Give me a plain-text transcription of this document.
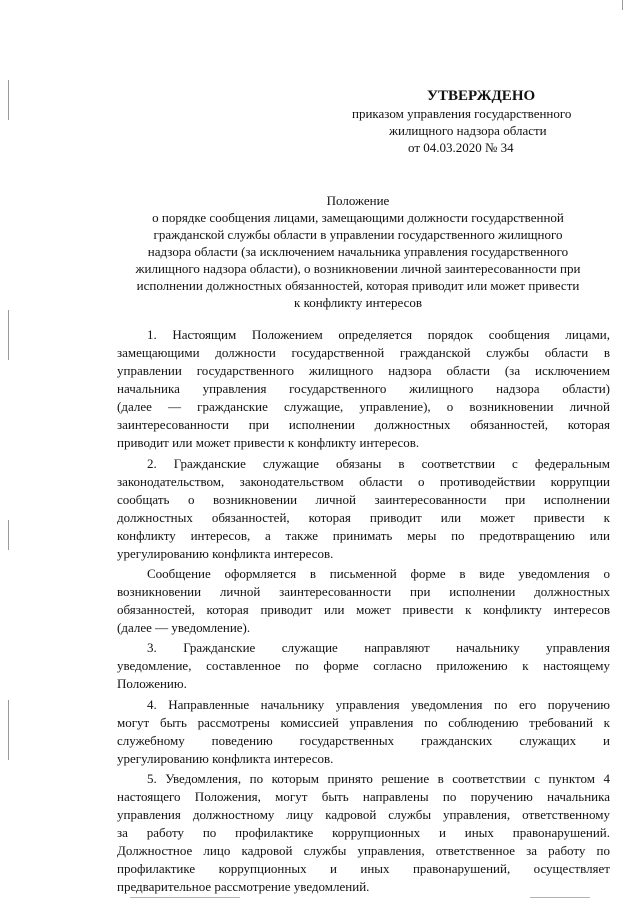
УТВЕРЖДЕНО
приказом управления государственного
жилищного надзора области
от 04.03.2020 № 34
Положение
о порядке сообщения лицами, замещающими должности государственной
гражданской службы области в управлении государственного жилищного
надзора области (за исключением начальника управления государственного
жилищного надзора области), о возникновении личной заинтересованности при
исполнении должностных обязанностей, которая приводит или может привести
к конфликту интересов
1. Настоящим Положением определяется порядок сообщения лицами,
замещающими должности государственной гражданской службы области в
управлении государственного жилищного надзора области (за исключением
начальника управления государственного жилищного надзора области)
(далее — гражданские служащие, управление), о возникновении личной
заинтересованности при исполнении должностных обязанностей, которая
приводит или может привести к конфликту интересов.
2. Гражданские служащие обязаны в соответствии с федеральным
законодательством, законодательством области о противодействии коррупции
сообщать о возникновении личной заинтересованности при исполнении
должностных обязанностей, которая приводит или может привести к
конфликту интересов, а также принимать меры по предотвращению или
урегулированию конфликта интересов.
Сообщение оформляется в письменной форме в виде уведомления о
возникновении личной заинтересованности при исполнении должностных
обязанностей, которая приводит или может привести к конфликту интересов
(далее — уведомление).
3. Гражданские служащие направляют начальнику управления
уведомление, составленное по форме согласно приложению к настоящему
Положению.
4. Направленные начальнику управления уведомления по его поручению
могут быть рассмотрены комиссией управления по соблюдению требований к
служебному поведению государственных гражданских служащих и
урегулированию конфликта интересов.
5. Уведомления, по которым принято решение в соответствии с пунктом 4
настоящего Положения, могут быть направлены по поручению начальника
управления должностному лицу кадровой службы управления, ответственному
за работу по профилактике коррупционных и иных правонарушений.
Должностное лицо кадровой службы управления, ответственное за работу по
профилактике коррупционных и иных правонарушений, осуществляет
предварительное рассмотрение уведомлений.
